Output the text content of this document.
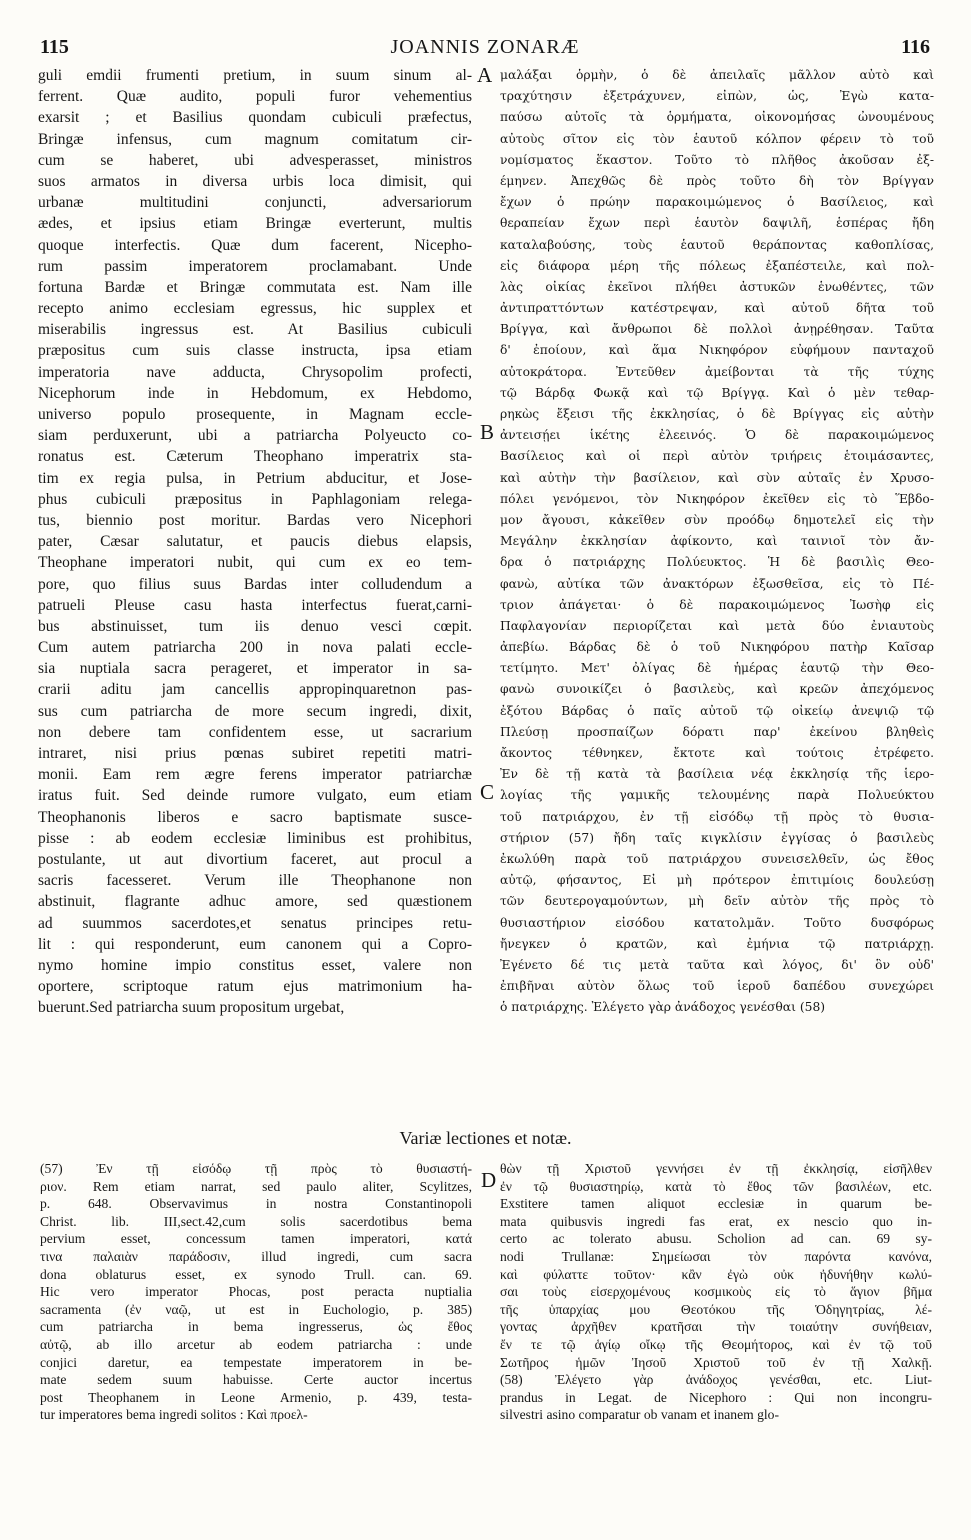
115	JOANNIS ZONARÆ	116
guli emdii frumenti pretium, in suum sinum al-
ferrent. Quæ audito, populi furor vehementius
exarsit ; et Basilius quondam cubiculi præfectus,
Bringæ infensus, cum magnum comitatum cir-
cum se haberet, ubi advesperasset, ministros
suos armatos in diversa urbis loca dimisit, qui
urbanæ multitudini conjuncti, adversariorum
ædes, et ipsius etiam Bringæ everterunt, multis
quoque interfectis. Quæ dum facerent, Nicepho-
rum passim imperatorem proclamabant. Unde
fortuna Bardæ et Bringæ commutata est. Nam ille
recepto animo ecclesiam egressus, hic supplex et
miserabilis ingressus est. At Basilius cubiculi
præpositus cum suis classe instructa, ipsa etiam
imperatoria nave adducta, Chrysopolim profecti,
Nicephorum inde in Hebdomum, ex Hebdomo,
universo populo prosequente, in Magnam eccle-
siam perduxerunt, ubi a patriarcha Polyeucto co-
ronatus est. Cæterum Theophano imperatrix sta-
tim ex regia pulsa, in Petrium abducitur, et Jose-
phus cubiculi præpositus in Paphlagoniam relega-
tus, biennio post moritur. Bardas vero Nicephori
pater, Cæsar salutatur, et paucis diebus elapsis,
Theophane imperatori nubit, qui cum ex eo tem-
pore, quo filius suus Bardas inter colludendum a
patrueli Pleuse casu hasta interfectus fuerat,carni-
bus abstinuisset, tum iis denuo vesci cœpit.
Cum autem patriarcha 200 in nova palati eccle-
sia nuptiala sacra perageret, et imperator in sa-
crarii aditu jam cancellis appropinquaretnon pas-
sus cum patriarcha de more secum ingredi, dixit,
non debere tam confidentem esse, ut sacrarium
intraret, nisi prius pœnas subiret repetiti matri-
monii. Eam rem ægre ferens imperator patriarchæ
iratus fuit. Sed deinde rumore vulgato, eum etiam
Theophanonis liberos e sacro baptismate susce-
pisse : ab eodem ecclesiæ liminibus est prohibitus,
postulante, ut aut divortium faceret, aut procul a
sacris facesseret. Verum ille Theophanone non
abstinuit, flagrante adhuc amore, sed quæstionem
ad suummos sacerdotes,et senatus principes retu-
lit : qui responderunt, eum canonem qui a Copro-
nymo homine impio constitus esset, valere non
oportere, scriptoque ratum ejus matrimonium ha-
buerunt.Sed patriarcha suum propositum urgebat,
μαλάξαι ὁρμὴν, ὁ δὲ ἀπειλαῖς μᾶλλον αὐτὸ καὶ
τραχύτησιν ἐξετράχυνεν, εἰπὼν, ὡς, Ἐγὼ κατα-
παύσω αὐτοῖς τὰ ὁρμήματα, οἰκονομήσας ὠνουμένους
αὐτοὺς σῖτον εἰς τὸν ἑαυτοῦ κόλπον φέρειν τὸ τοῦ
νομίσματος ἕκαστον. Τοῦτο τὸ πλῆθος ἀκοῦσαν ἐξ-
έμηνεν. Ἀπεχθῶς δὲ πρὸς τοῦτο δὴ τὸν Βρίγγαν
ἔχων ὁ πρώην παρακοιμώμενος ὁ Βασίλειος, καὶ
θεραπείαν ἔχων περὶ ἑαυτὸν δαψιλῆ, ἑσπέρας ἤδη
καταλαβούσης, τοὺς ἑαυτοῦ θεράποντας καθοπλίσας,
εἰς διάφορα μέρη τῆς πόλεως ἐξαπέστειλε, καὶ πολ-
λὰς οἰκίας ἐκεῖνοι πλήθει ἀστυκῶν ἑνωθέντες, τῶν
ἀντιπραττόντων κατέστρεψαν, καὶ αὐτοῦ δῆτα τοῦ
Βρίγγα, καὶ ἄνθρωποι δὲ πολλοὶ ἀνῃρέθησαν. Ταῦτα
δ' ἐποίουν, καὶ ἅμα Νικηφόρον εὐφήμουν πανταχοῦ
αὐτοκράτορα. Ἐντεῦθεν ἀμείβονται τὰ τῆς τύχης
τῷ Βάρδᾳ Φωκᾷ καὶ τῷ Βρίγγᾳ. Καὶ ὁ μὲν τεθαρ-
ρηκὼς ἔξεισι τῆς ἐκκλησίας, ὁ δὲ Βρίγγας εἰς αὐτὴν
ἀντεισῄει ἱκέτης ἐλεεινός. Ὁ δὲ παρακοιμώμενος
Βασίλειος καὶ οἱ περὶ αὐτὸν τριήρεις ἑτοιμάσαντες,
καὶ αὐτὴν τὴν βασίλειον, καὶ σὺν αὐταῖς ἐν Χρυσο-
πόλει γενόμενοι, τὸν Νικηφόρον ἐκεῖθεν εἰς τὸ Ἕβδο-
μον ἄγουσι, κἀκεῖθεν σὺν προόδῳ δημοτελεῖ εἰς τὴν
Μεγάλην ἐκκλησίαν ἀφίκοντο, καὶ ταινιοῖ τὸν ἄν-
δρα ὁ πατριάρχης Πολύευκτος. Ἡ δὲ βασιλὶς Θεο-
φανὼ, αὐτίκα τῶν ἀνακτόρων ἐξωσθεῖσα, εἰς τὸ Πέ-
τριον ἀπάγεται· ὁ δὲ παρακοιμώμενος Ἰωσὴφ εἰς
Παφλαγονίαν περιορίζεται καὶ μετὰ δύο ἐνιαυτοὺς
ἀπεβίω. Βάρδας δὲ ὁ τοῦ Νικηφόρου πατὴρ Καῖσαρ
τετίμητο. Μετ' ὀλίγας δὲ ἡμέρας ἑαυτῷ τὴν Θεο-
φανὼ συνοικίζει ὁ βασιλεὺς, καὶ κρεῶν ἀπεχόμενος
ἐξότου Βάρδας ὁ παῖς αὐτοῦ τῷ οἰκείῳ ἀνεψιῷ τῷ
Πλεύσῃ προσπαίζων δόρατι παρ' ἐκείνου βληθεὶς
ἄκοντος τέθνηκεν, ἔκτοτε καὶ τούτοις ἐτρέφετο.
Ἐν δὲ τῇ κατὰ τὰ βασίλεια νέᾳ ἐκκλησίᾳ τῆς ἱερο-
λογίας τῆς γαμικῆς τελουμένης παρὰ Πολυεύκτου
τοῦ πατριάρχου, ἐν τῇ εἰσόδῳ τῇ πρὸς τὸ θυσια-
στήριον (57) ἤδη ταῖς κιγκλίσιν ἐγγίσας ὁ βασιλεὺς
ἐκωλύθη παρὰ τοῦ πατριάρχου συνεισελθεῖν, ὡς ἔθος
αὐτῷ, φήσαντος, Εἰ μὴ πρότερον ἐπιτιμίοις δουλεύσῃ
τῶν δευτερογαμούντων, μὴ δεῖν αὐτὸν τῆς πρὸς τὸ
θυσιαστήριον εἰσόδου κατατολμᾶν. Τοῦτο δυσφόρως
ἤνεγκεν ὁ κρατῶν, καὶ ἐμήνια τῷ πατριάρχῃ.
Ἐγένετο δέ τις μετὰ ταῦτα καὶ λόγος, δι' ὃν οὐδ'
ἐπιβῆναι αὐτὸν ὅλως τοῦ ἱεροῦ δαπέδου συνεχώρει
ὁ πατριάρχης. Ἐλέγετο γὰρ ἀνάδοχος γενέσθαι (58)
A
B
C
D
Variæ lectiones et notæ.
(57) Ἐν τῇ εἰσόδῳ τῇ πρὸς τὸ θυσιαστή-
ριον. Rem etiam narrat, sed paulo aliter, Scylitzes,
p. 648. Observavimus in nostra Constantinopoli
Christ. lib. III,sect.42,cum solis sacerdotibus bema
pervium esset, concessum tamen imperatori, κατά
τινα παλαιὰν παράδοσιν, illud ingredi, cum sacra
dona oblaturus esset, ex synodo Trull. can. 69.
Hic vero imperator Phocas, post peracta nuptialia
sacramenta (ἐν ναῷ, ut est in Euchologio, p. 385)
cum patriarcha in bema ingresserus, ὡς ἔθος
αὐτῷ, ab illo arcetur ab eodem patriarcha : unde
conjici daretur, ea tempestate imperatorem in be-
mate sedem suum habuisse. Certe auctor incertus
post Theophanem in Leone Armenio, p. 439, testa-
tur imperatores bema ingredi solitos : Καὶ προελ-
θὼν τῇ Χριστοῦ γεννήσει ἐν τῇ ἐκκλησίᾳ, εἰσῆλθεν
ἐν τῷ θυσιαστηρίῳ, κατὰ τὸ ἔθος τῶν βασιλέων, etc.
Exstitere tamen aliquot ecclesiæ in quarum be-
mata quibusvis ingredi fas erat, ex nescio quo in-
certo ac tolerato abusu. Scholion ad can. 69 sy-
nodi Trullanæ: Σημείωσαι τὸν παρόντα κανόνα,
καὶ φύλαττε τοῦτον· κἂν ἐγὼ οὐκ ἠδυνήθην κωλύ-
σαι τοὺς εἰσερχομένους κοσμικοὺς εἰς τὸ ἅγιον βῆμα
τῆς ὑπαρχίας μου Θεοτόκου τῆς Ὁδηγητρίας, λέ-
γοντας ἀρχῆθεν κρατῆσαι τὴν τοιαύτην συνήθειαν,
ἔν τε τῷ ἁγίῳ οἴκῳ τῆς Θεομήτορος, καὶ ἐν τῷ τοῦ
Σωτῆρος ἡμῶν Ἰησοῦ Χριστοῦ τοῦ ἐν τῇ Χαλκῇ.
(58) Ἐλέγετο γὰρ ἀνάδοχος γενέσθαι, etc. Liut-
prandus in Legat. de Nicephoro : Qui non incongru-
silvestri asino comparatur ob vanam et inanem glo-
